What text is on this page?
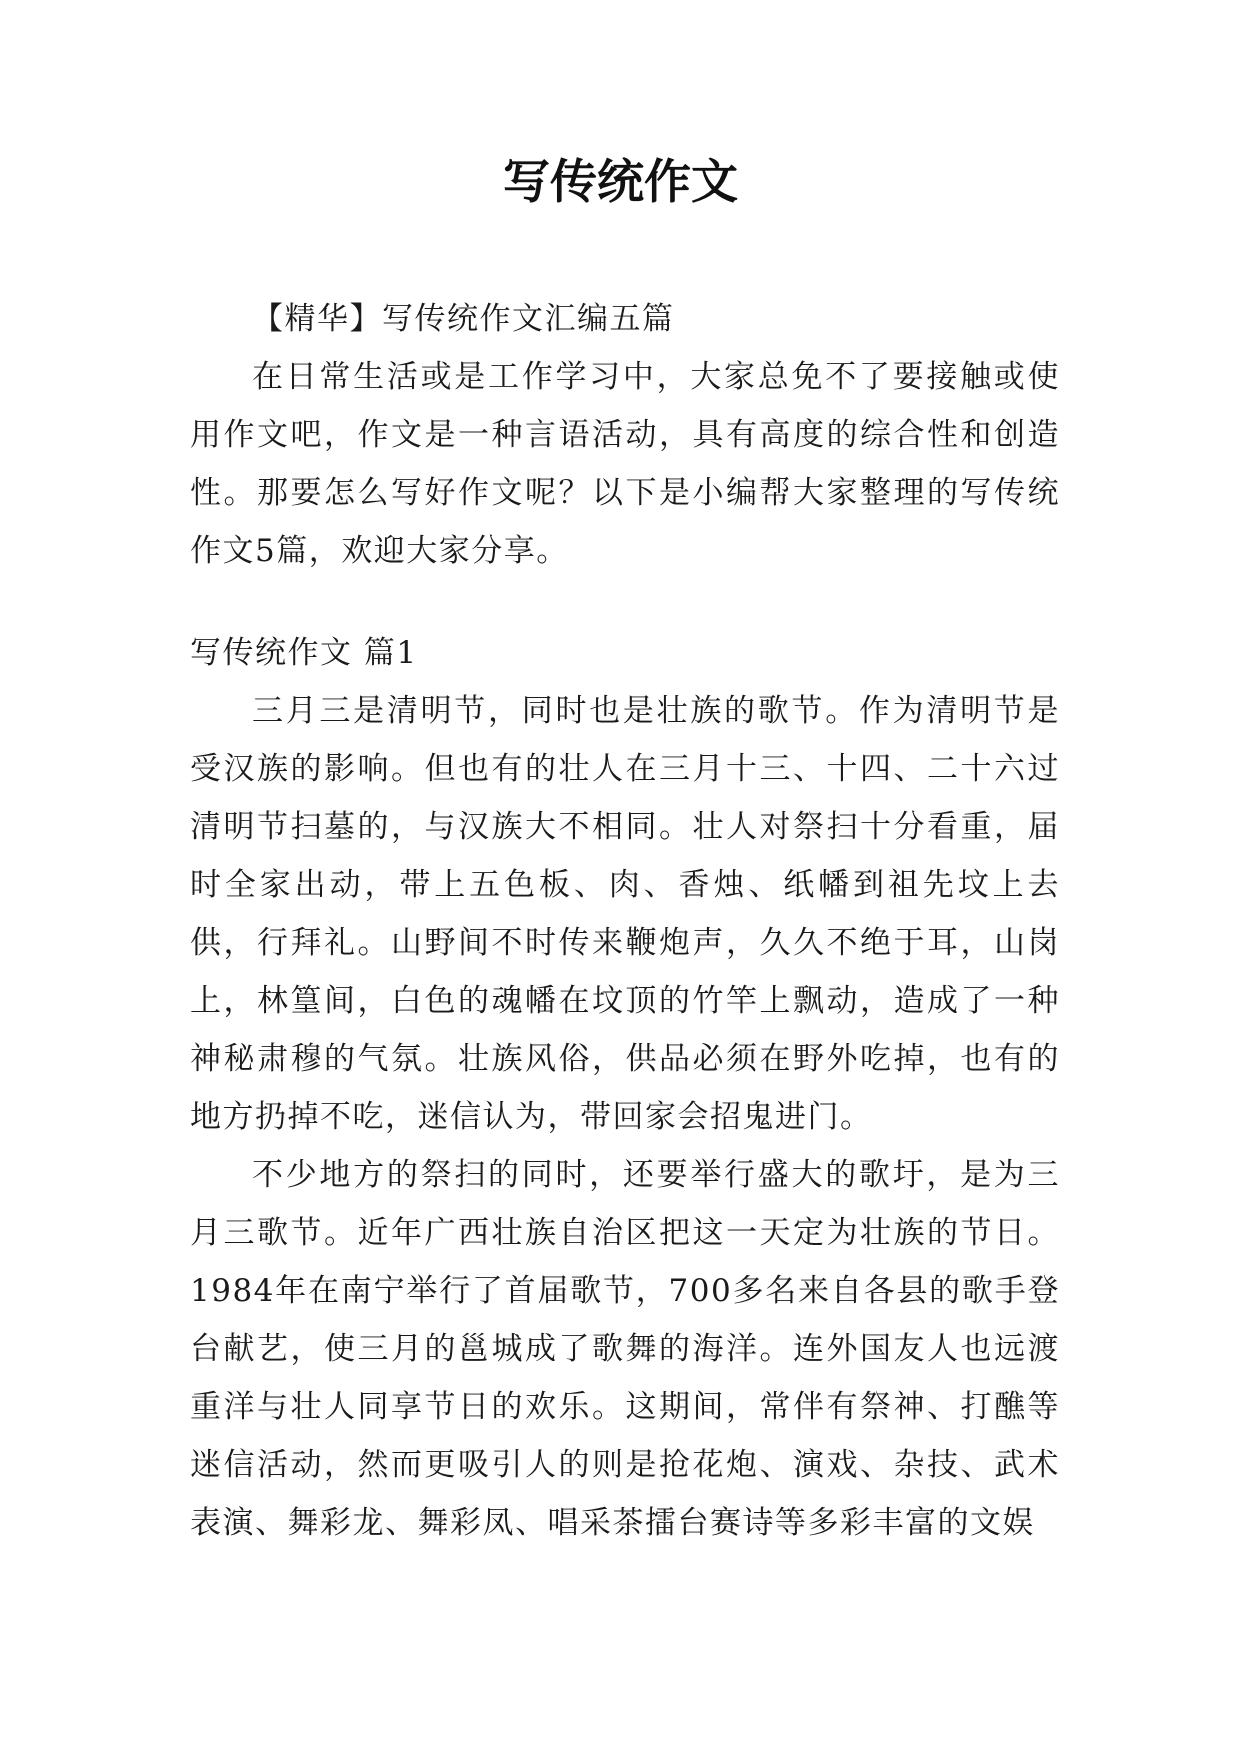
写传统作文

【精华】写传统作文汇编五篇

在日常生活或是工作学习中，大家总免不了要接触或使用作文吧，作文是一种言语活动，具有高度的综合性和创造性。那要怎么写好作文呢？以下是小编帮大家整理的写传统作文5篇，欢迎大家分享。

写传统作文 篇1

三月三是清明节，同时也是壮族的歌节。作为清明节是受汉族的影响。但也有的壮人在三月十三、十四、二十六过清明节扫墓的，与汉族大不相同。壮人对祭扫十分看重，届时全家出动，带上五色板、肉、香烛、纸幡到祖先坟上去供，行拜礼。山野间不时传来鞭炮声，久久不绝于耳，山岗上，林篁间，白色的魂幡在坟顶的竹竿上飘动，造成了一种神秘肃穆的气氛。壮族风俗，供品必须在野外吃掉，也有的地方扔掉不吃，迷信认为，带回家会招鬼进门。

不少地方的祭扫的同时，还要举行盛大的歌圩，是为三月三歌节。近年广西壮族自治区把这一天定为壮族的节日。1984年在南宁举行了首届歌节，700多名来自各县的歌手登台献艺，使三月的邕城成了歌舞的海洋。连外国友人也远渡重洋与壮人同享节日的欢乐。这期间，常伴有祭神、打醮等迷信活动，然而更吸引人的则是抢花炮、演戏、杂技、武术表演、舞彩龙、舞彩凤、唱采茶擂台赛诗等多彩丰富的文娱
